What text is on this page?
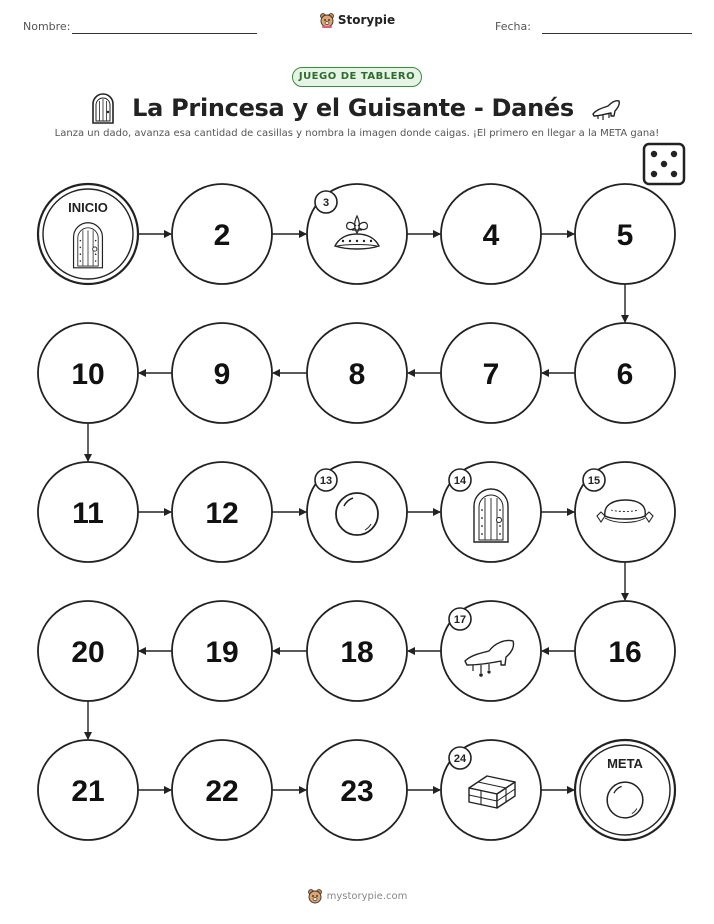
Nombre:	Storypie	Fecha:
JUEGO DE TABLERO
La Princesa y el Guisante - Danés
Lanza un dado, avanza esa cantidad de casillas y nombra la imagen donde caigas. ¡El primero en llegar a la META gana!
INICIO
2
3
4	5
6
7
8
9
10
11	12
13	14	15
16
17
18
19
20
21	22	23
24	META
mystorypie.com
